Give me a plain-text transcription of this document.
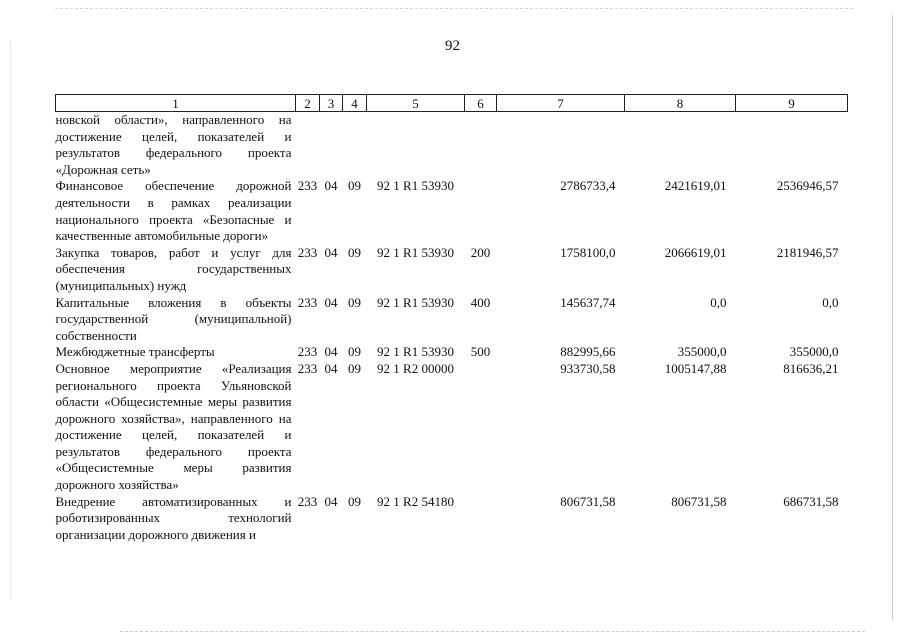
92
1	2	3	4	5	6	7	8	9
новской области», направленного на достижение целей, показателей и результатов федерального проекта «Дорожная сеть»								
Финансовое обеспечение дорожной деятельности в рамках реализации национального проекта «Безопасные и качественные автомобильные дороги»	233	04	09	92 1 R1 53930		2786733,4	2421619,01	2536946,57
Закупка товаров, работ и услуг для обеспечения государственных (муниципальных) нужд	233	04	09	92 1 R1 53930	200	1758100,0	2066619,01	2181946,57
Капитальные вложения в объекты государственной (муниципальной) собственности	233	04	09	92 1 R1 53930	400	145637,74	0,0	0,0
Межбюджетные трансферты	233	04	09	92 1 R1 53930	500	882995,66	355000,0	355000,0
Основное мероприятие «Реализация регионального проекта Ульяновской области «Общесистемные меры развития дорожного хозяйства», направленного на достижение целей, показателей и результатов федерального проекта «Общесистемные меры развития дорожного хозяйства»	233	04	09	92 1 R2 00000		933730,58	1005147,88	816636,21
Внедрение автоматизированных и роботизированных технологий организации дорожного движения и	233	04	09	92 1 R2 54180		806731,58	806731,58	686731,58
